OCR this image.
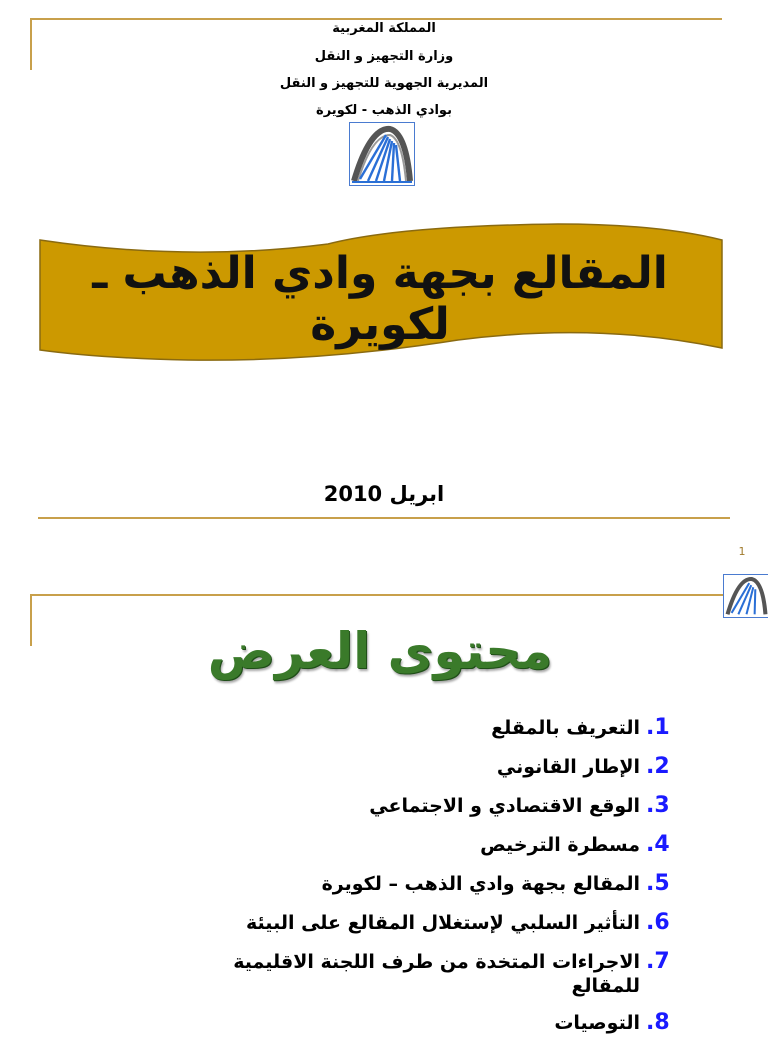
المملكة المغربية
وزارة التجهيز و النقل
المديرية الجهوية للتجهيز و النقل
بوادي الذهب - لكويرة
المقالع بجهة وادي الذهب ـ لكويرة
ابريل 2010
1
محتوى العرض
.1
التعريف بالمقلع
.2
الإطار القانوني
.3
الوقع الاقتصادي و الاجتماعي
.4
مسطرة الترخيص
.5
المقالع بجهة وادي الذهب – لكويرة
.6
التأثير السلبي لإستغلال المقالع على البيئة
.7
الاجراءات المتخدة من طرف اللجنة الاقليمية للمقالع
.8
التوصيات
